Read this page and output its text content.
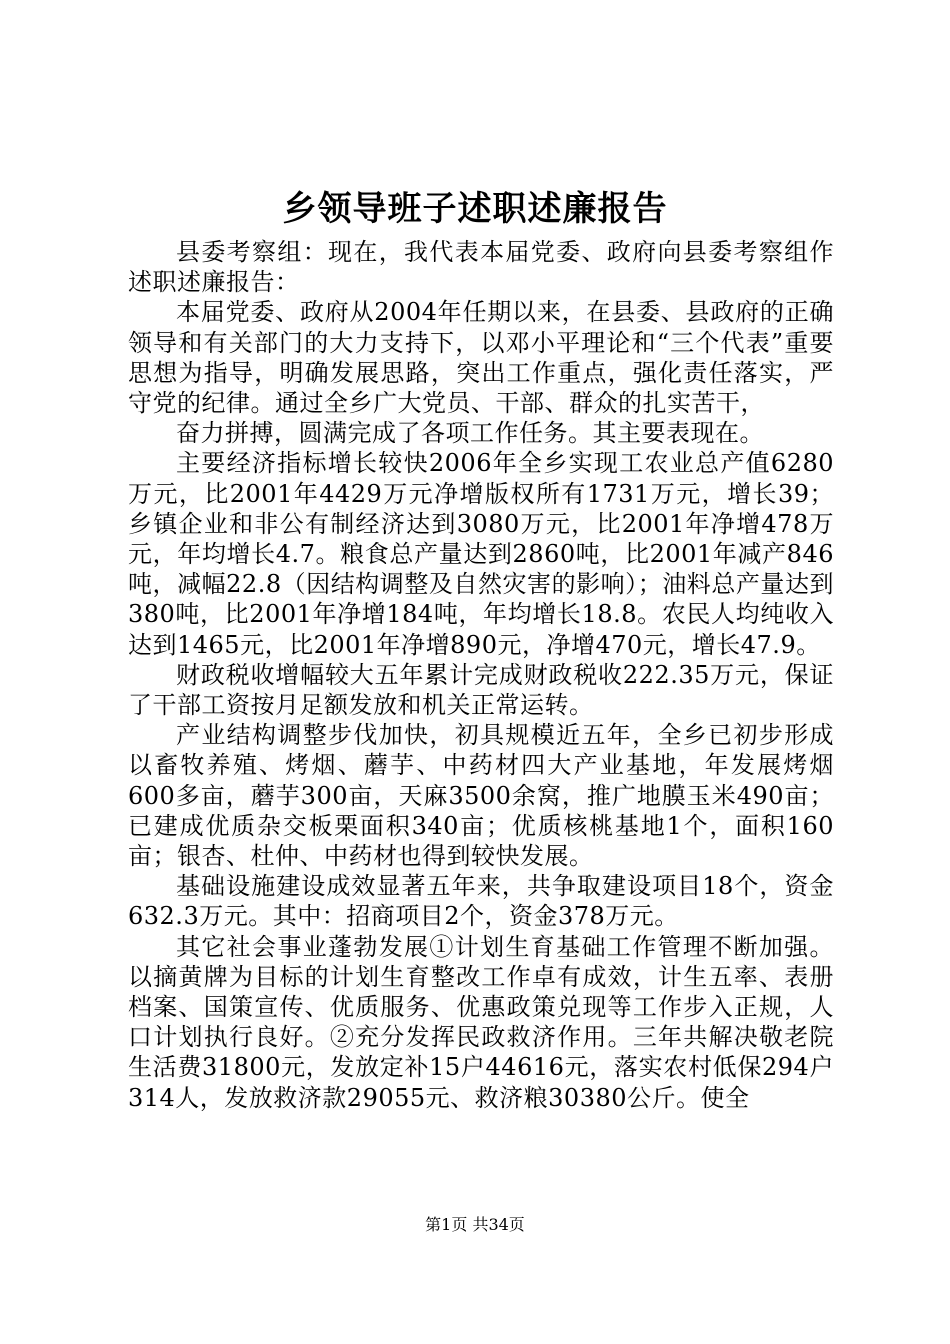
乡领导班子述职述廉报告

县委考察组：现在，我代表本届党委、政府向县委考察组作述职述廉报告：

本届党委、政府从2004年任期以来，在县委、县政府的正确领导和有关部门的大力支持下，以邓小平理论和“三个代表”重要思想为指导，明确发展思路，突出工作重点，强化责任落实，严守党的纪律。通过全乡广大党员、干部、群众的扎实苦干，

奋力拼搏，圆满完成了各项工作任务。其主要表现在。

主要经济指标增长较快2006年全乡实现工农业总产值6280万元，比2001年4429万元净增版权所有1731万元，增长39；乡镇企业和非公有制经济达到3080万元，比2001年净增478万元，年均增长4.7。粮食总产量达到2860吨，比2001年减产846吨，减幅22.8（因结构调整及自然灾害的影响）；油料总产量达到380吨，比2001年净增184吨，年均增长18.8。农民人均纯收入达到1465元，比2001年净增890元，净增470元，增长47.9。

财政税收增幅较大五年累计完成财政税收222.35万元，保证了干部工资按月足额发放和机关正常运转。

产业结构调整步伐加快，初具规模近五年，全乡已初步形成以畜牧养殖、烤烟、蘑芋、中药材四大产业基地，年发展烤烟600多亩，蘑芋300亩，天麻3500余窝，推广地膜玉米490亩；已建成优质杂交板栗面积340亩；优质核桃基地1个，面积160亩；银杏、杜仲、中药材也得到较快发展。

基础设施建设成效显著五年来，共争取建设项目18个，资金632.3万元。其中：招商项目2个，资金378万元。

其它社会事业蓬勃发展①计划生育基础工作管理不断加强。以摘黄牌为目标的计划生育整改工作卓有成效，计生五率、表册档案、国策宣传、优质服务、优惠政策兑现等工作步入正规，人口计划执行良好。②充分发挥民政救济作用。三年共解决敬老院生活费31800元，发放定补15户44616元，落实农村低保294户314人，发放救济款29055元、救济粮30380公斤。使全

第1页 共34页
